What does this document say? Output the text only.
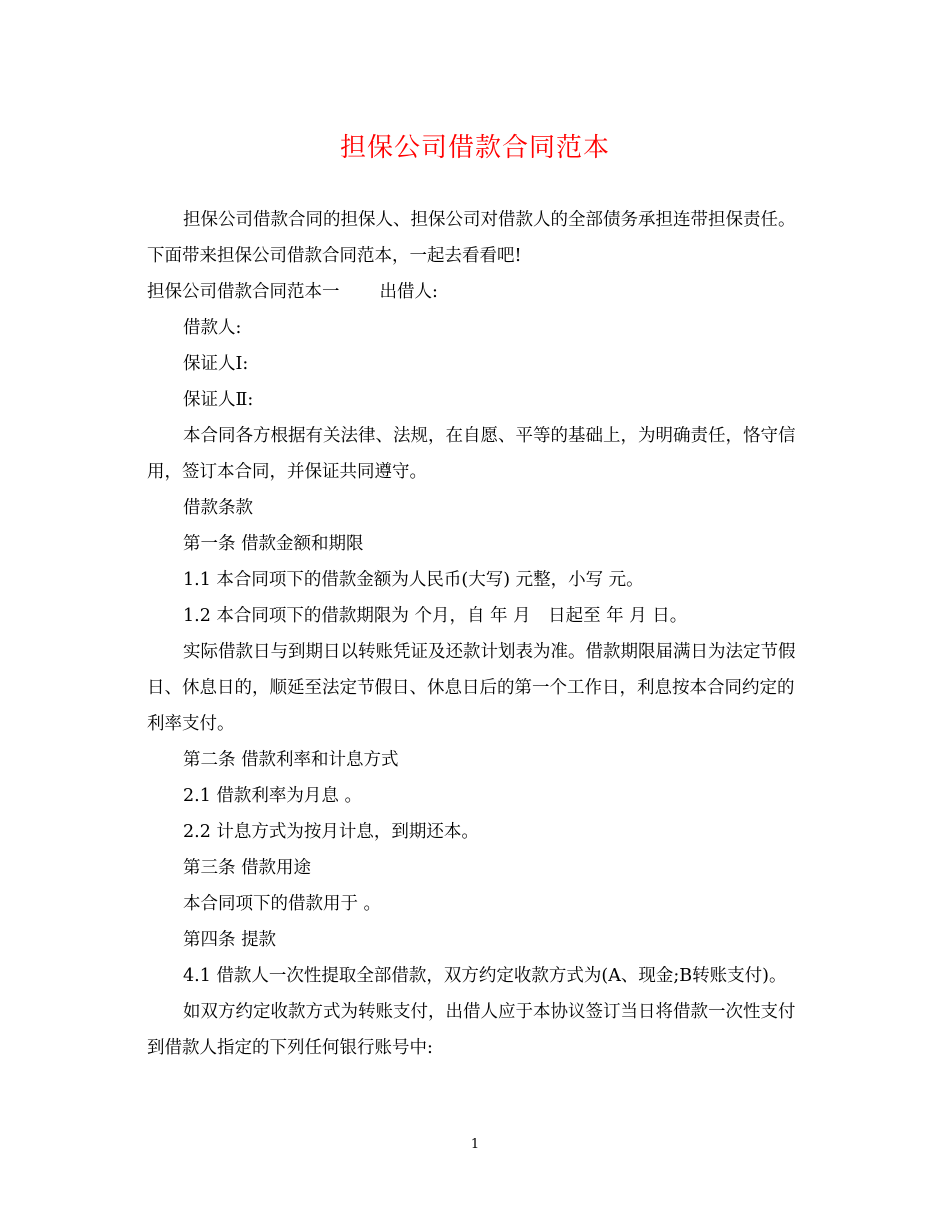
担保公司借款合同范本

担保公司借款合同的担保人、担保公司对借款人的全部债务承担连带担保责任。下面带来担保公司借款合同范本，一起去看看吧!

担保公司借款合同范本一 出借人:

借款人:

保证人Ⅰ:

保证人Ⅱ:

本合同各方根据有关法律、法规，在自愿、平等的基础上，为明确责任，恪守信用，签订本合同，并保证共同遵守。

借款条款

第一条 借款金额和期限

1.1 本合同项下的借款金额为人民币(大写) 元整，小写 元。

1.2 本合同项下的借款期限为 个月，自 年 月　日起至 年 月 日。

实际借款日与到期日以转账凭证及还款计划表为准。借款期限届满日为法定节假日、休息日的，顺延至法定节假日、休息日后的第一个工作日，利息按本合同约定的利率支付。

第二条 借款利率和计息方式

2.1 借款利率为月息 。

2.2 计息方式为按月计息，到期还本。

第三条 借款用途

本合同项下的借款用于 。

第四条 提款

4.1 借款人一次性提取全部借款，双方约定收款方式为(A、现金;B转账支付)。

如双方约定收款方式为转账支付，出借人应于本协议签订当日将借款一次性支付到借款人指定的下列任何银行账号中:

1
